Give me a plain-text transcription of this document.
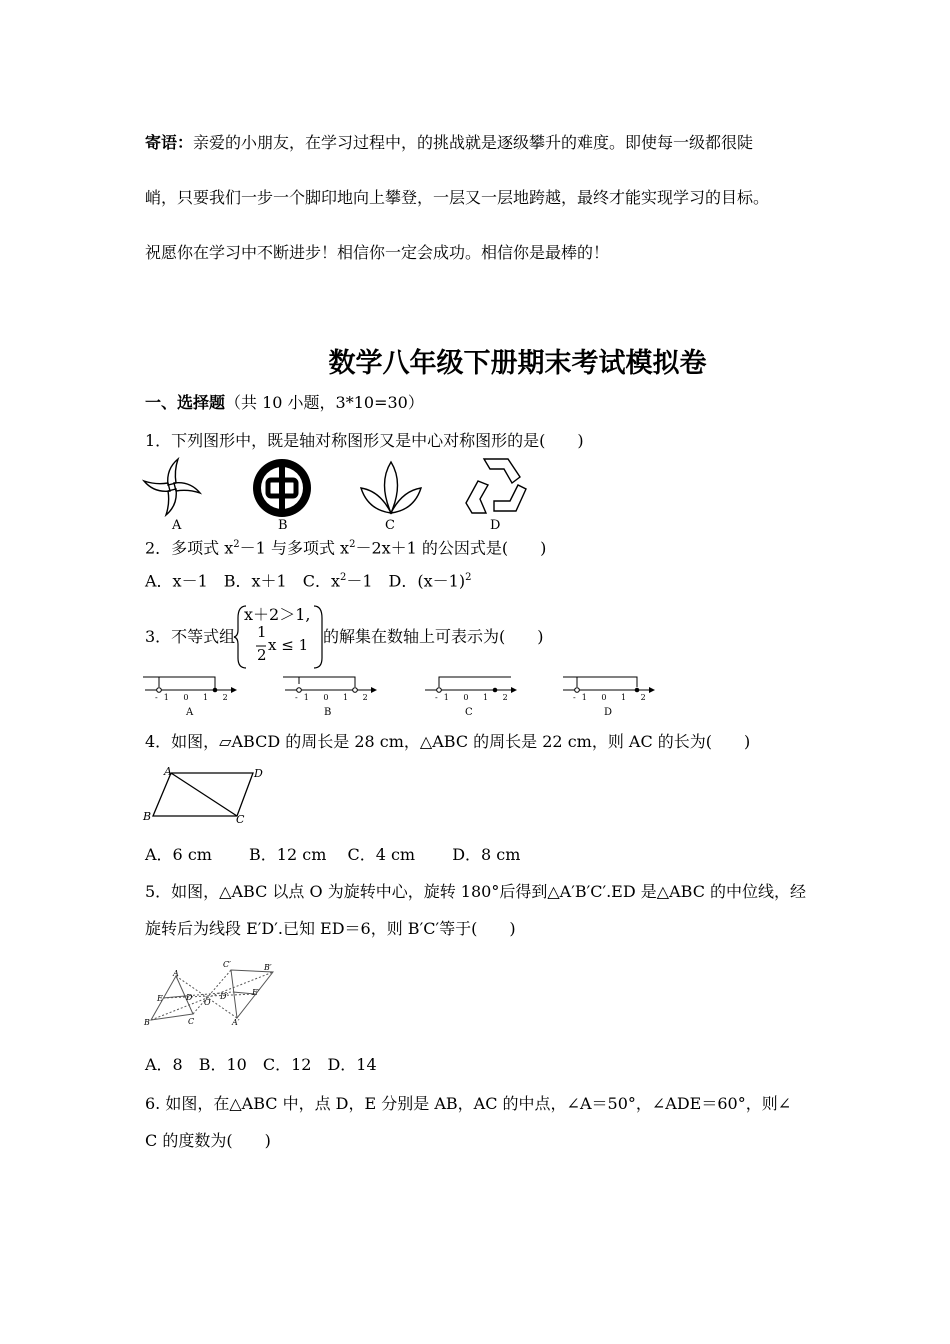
寄语：亲爱的小朋友，在学习过程中，的挑战就是逐级攀升的难度。即使每一级都很陡
峭，只要我们一步一个脚印地向上攀登，一层又一层地跨越，最终才能实现学习的目标。
祝愿你在学习中不断进步！相信你一定会成功。相信你是最棒的！
数学八年级下册期末考试模拟卷
一、选择题（共 10 小题，3*10=30）
1．下列图形中，既是轴对称图形又是中心对称图形的是(　　)
A	B	C	D
2．多项式 $x^2-1$ 与多项式 $x^2-2x+1$ 的公因式是(　　)
A．x－1　B．x＋1　C．$x^2-1$　D．$(x-1)^2$
3．不等式组
x＋2＞1,
1
2
x ≤ 1 的解集在数轴上可表示为(　　)
-1 0 1 2	-1 0 1 2	-1 0 1 2	-1 0 1 2
A	B	C	D
4．如图，▱ABCD 的周长是 28 cm，△ABC 的周长是 22 cm，则 AC 的长为(　　)
A
B	C
D
A．6 cm　　 B．12 cm　 C．4 cm　　 D．8 cm
5．如图，△ABC 以点 O 为旋转中心，旋转 180°后得到△A′B′C′.ED 是△ABC 的中位线，经
旋转后为线段 E′D′.已知 ED＝6，则 B′C′等于(　　)
A
E	D
B	C
O
C′	B′
D′	E′
A′
A．8　B．10　C．12　D．14
6. 如图，在△ABC 中，点 D，E 分别是 AB，AC 的中点，∠A＝50°，∠ADE＝60°，则∠
C 的度数为(　　)
